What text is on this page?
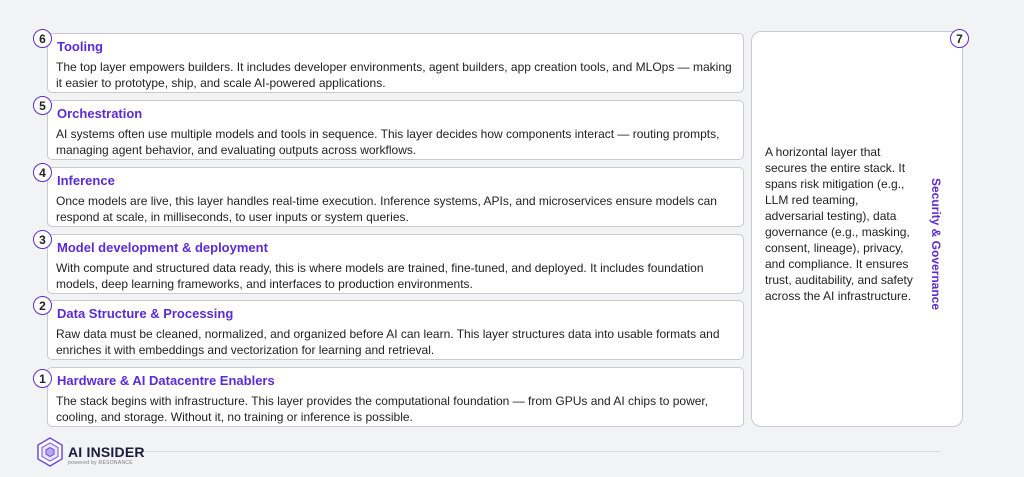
Tooling
The top layer empowers builders. It includes developer environments, agent builders, app creation tools, and MLOps — making it easier to prototype, ship, and scale AI-powered applications.
6
Orchestration
AI systems often use multiple models and tools in sequence. This layer decides how components interact — routing prompts, managing agent behavior, and evaluating outputs across workflows.
5
Inference
Once models are live, this layer handles real-time execution. Inference systems, APIs, and microservices ensure models can respond at scale, in milliseconds, to user inputs or system queries.
4
Model development & deployment
With compute and structured data ready, this is where models are trained, fine-tuned, and deployed. It includes foundation models, deep learning frameworks, and interfaces to production environments.
3
Data Structure & Processing
Raw data must be cleaned, normalized, and organized before AI can learn. This layer structures data into usable formats and enriches it with embeddings and vectorization for learning and retrieval.
2
Hardware & AI Datacentre Enablers
The stack begins with infrastructure. This layer provides the computational foundation — from GPUs and AI chips to power, cooling, and storage. Without it, no training or inference is possible.
1
A horizontal layer that secures the entire stack. It spans risk mitigation (e.g., LLM red teaming, adversarial testing), data governance (e.g., masking, consent, lineage), privacy, and compliance. It ensures trust, auditability, and safety across the AI infrastructure.	Security & Governance
7
AI INSIDER
powered by RESONANCE
